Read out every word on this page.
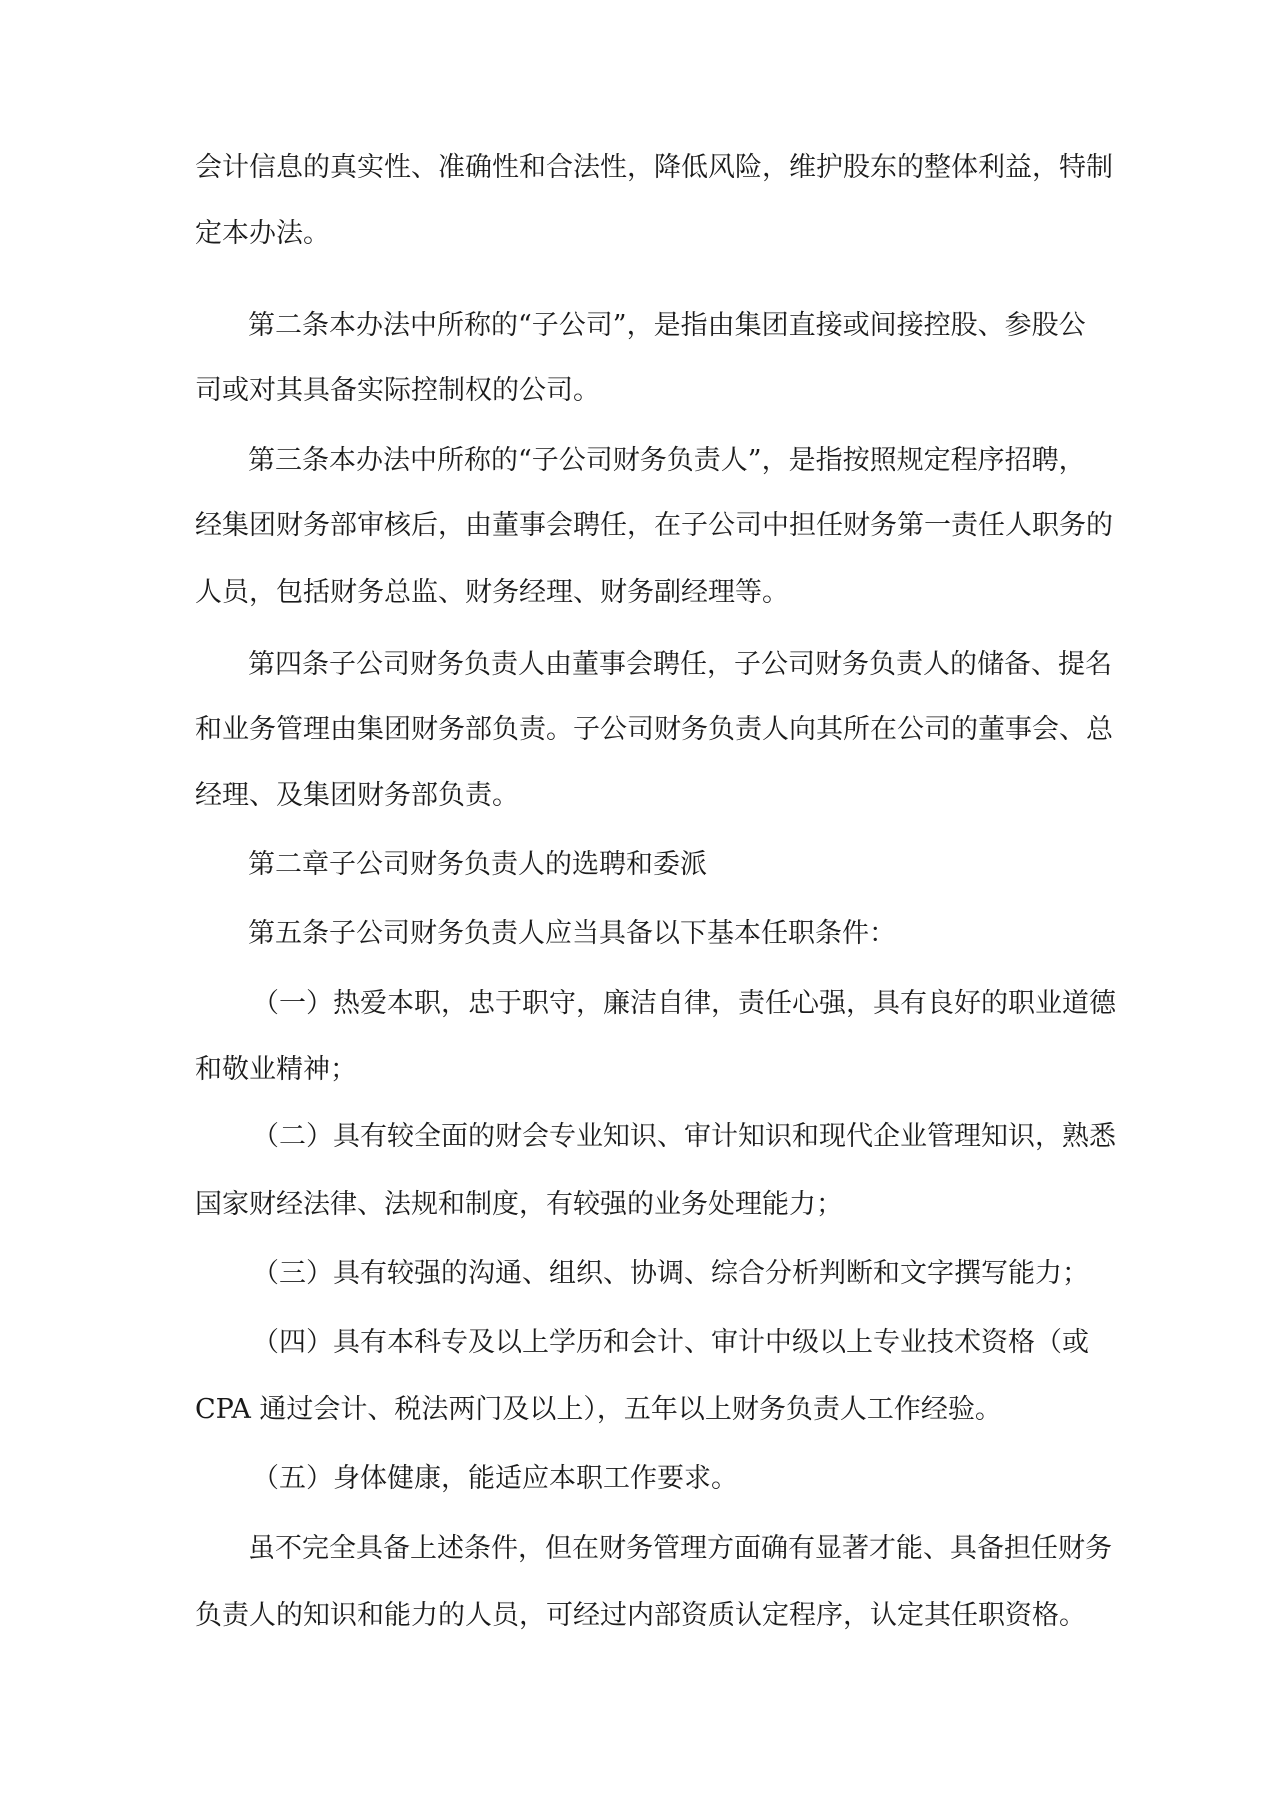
会计信息的真实性、准确性和合法性，降低风险，维护股东的整体利益，特制
定本办法。
第二条本办法中所称的“子公司”，是指由集团直接或间接控股、参股公
司或对其具备实际控制权的公司。
第三条本办法中所称的“子公司财务负责人”，是指按照规定程序招聘，
经集团财务部审核后，由董事会聘任，在子公司中担任财务第一责任人职务的
人员，包括财务总监、财务经理、财务副经理等。
第四条子公司财务负责人由董事会聘任，子公司财务负责人的储备、提名
和业务管理由集团财务部负责。子公司财务负责人向其所在公司的董事会、总
经理、及集团财务部负责。
第二章子公司财务负责人的选聘和委派
第五条子公司财务负责人应当具备以下基本任职条件：
（一）热爱本职，忠于职守，廉洁自律，责任心强，具有良好的职业道德
和敬业精神；
（二）具有较全面的财会专业知识、审计知识和现代企业管理知识，熟悉
国家财经法律、法规和制度，有较强的业务处理能力；
（三）具有较强的沟通、组织、协调、综合分析判断和文字撰写能力；
（四）具有本科专及以上学历和会计、审计中级以上专业技术资格（或
CPA 通过会计、税法两门及以上），五年以上财务负责人工作经验。
（五）身体健康，能适应本职工作要求。
虽不完全具备上述条件，但在财务管理方面确有显著才能、具备担任财务
负责人的知识和能力的人员，可经过内部资质认定程序，认定其任职资格。
